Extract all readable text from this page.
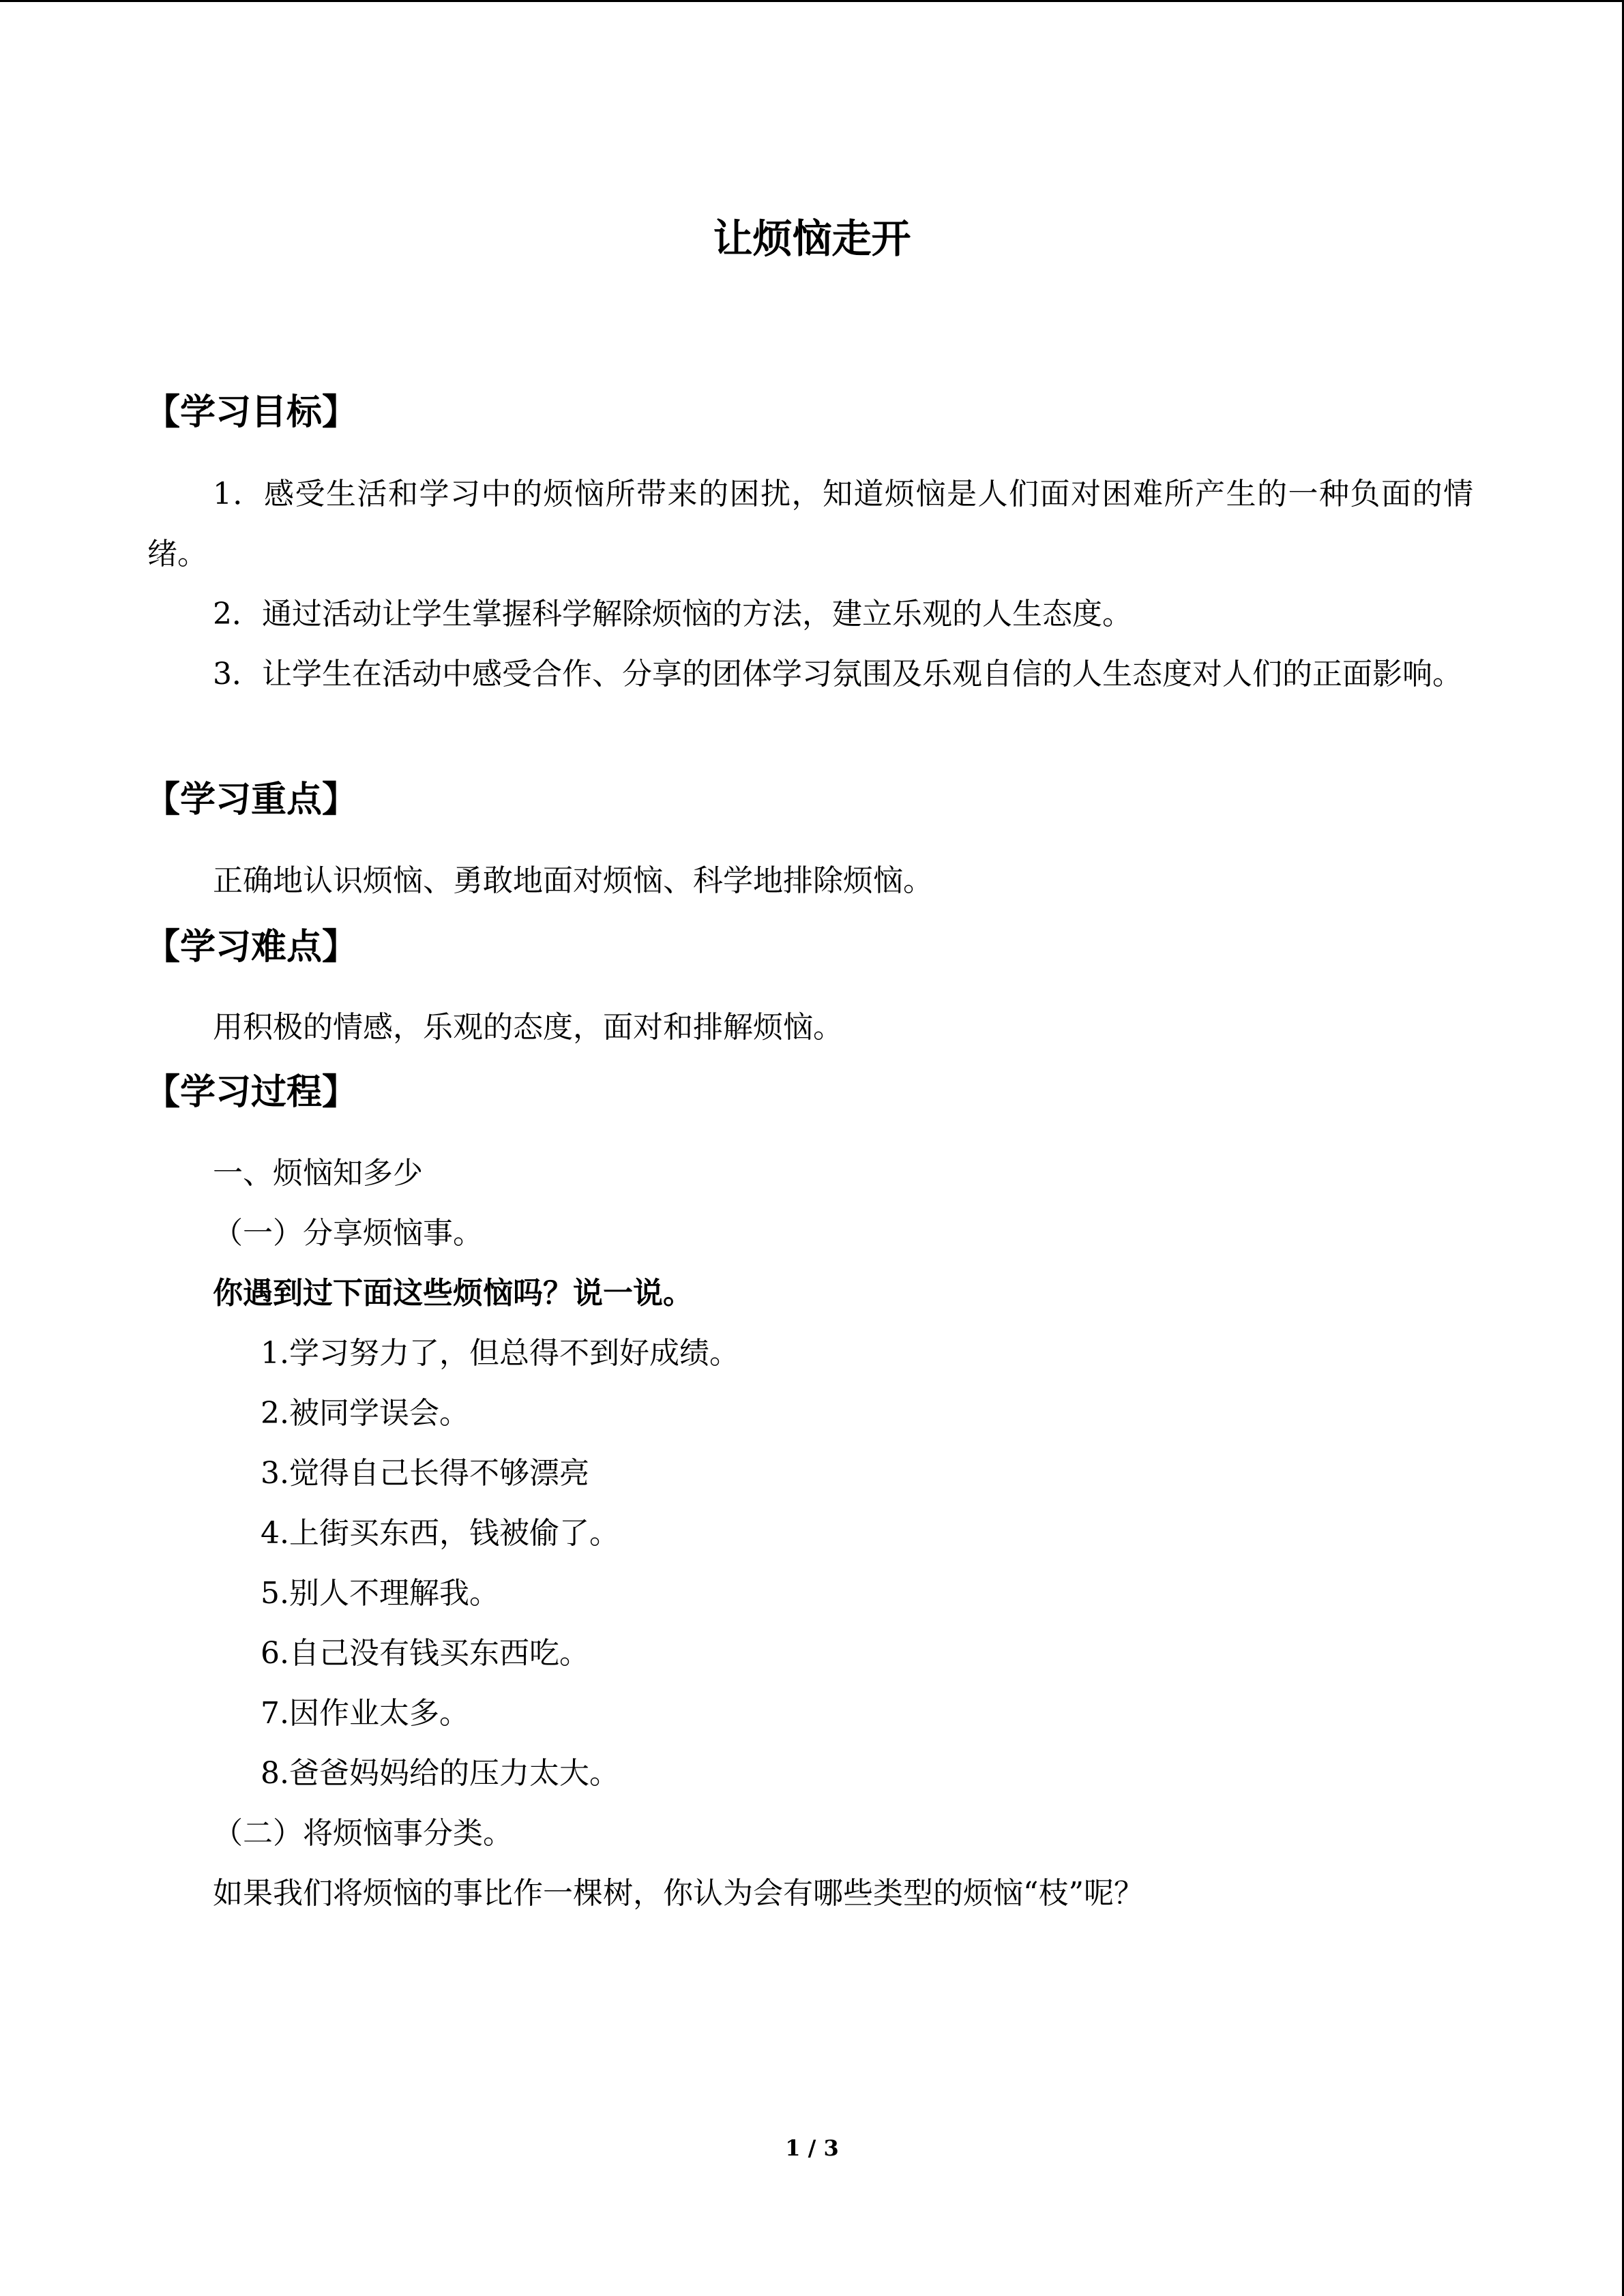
让烦恼走开
【学习目标】

1．感受生活和学习中的烦恼所带来的困扰，知道烦恼是人们面对困难所产生的一种负面的情绪。

2．通过活动让学生掌握科学解除烦恼的方法，建立乐观的人生态度。

3．让学生在活动中感受合作、分享的团体学习氛围及乐观自信的人生态度对人们的正面影响。

【学习重点】

正确地认识烦恼、勇敢地面对烦恼、科学地排除烦恼。

【学习难点】

用积极的情感，乐观的态度，面对和排解烦恼。

【学习过程】

一、烦恼知多少

（一）分享烦恼事。

你遇到过下面这些烦恼吗？说一说。

1.学习努力了，但总得不到好成绩。

2.被同学误会。

3.觉得自己长得不够漂亮

4.上街买东西，钱被偷了。

5.别人不理解我。

6.自己没有钱买东西吃。

7.因作业太多。

8.爸爸妈妈给的压力太大。

（二）将烦恼事分类。

如果我们将烦恼的事比作一棵树，你认为会有哪些类型的烦恼“枝”呢？

1 / 3
